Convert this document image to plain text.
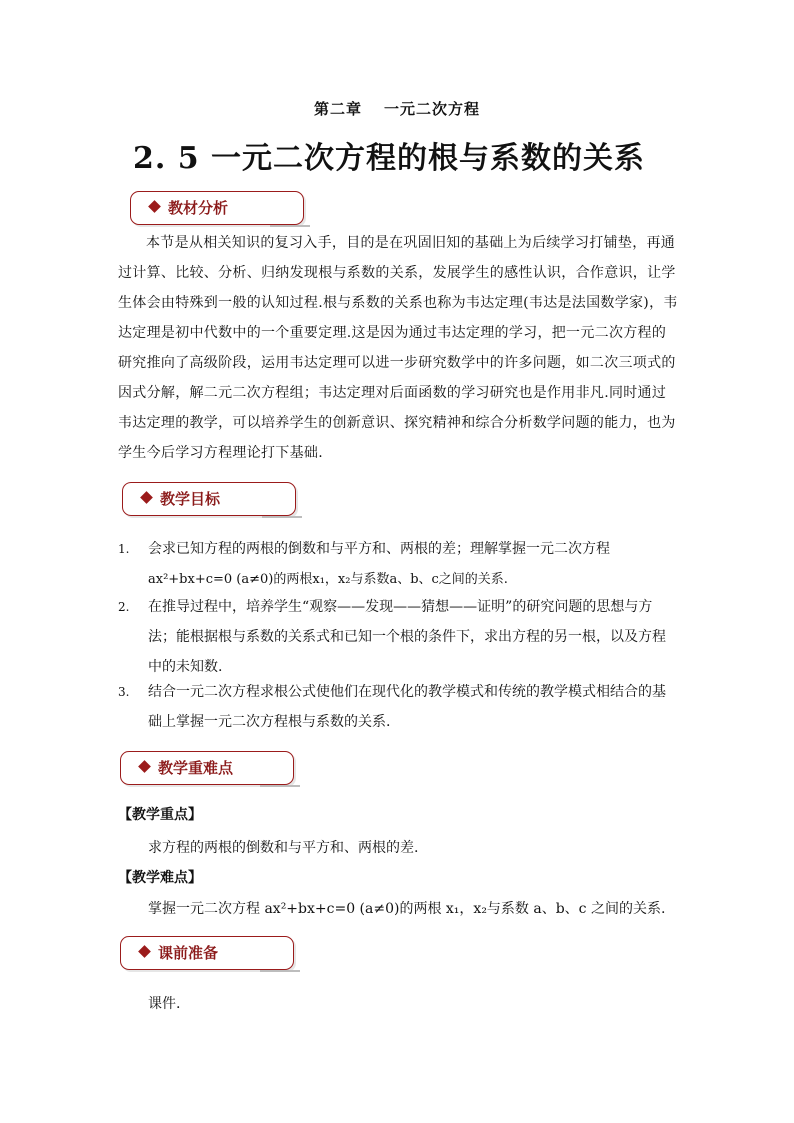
第二章 一元二次方程
2. 5 一元二次方程的根与系数的关系
教材分析
本节是从相关知识的复习入手，目的是在巩固旧知的基础上为后续学习打铺垫，再通过计算、比较、分析、归纳发现根与系数的关系，发展学生的感性认识，合作意识，让学生体会由特殊到一般的认知过程.根与系数的关系也称为韦达定理(韦达是法国数学家)，韦达定理是初中代数中的一个重要定理.这是因为通过韦达定理的学习，把一元二次方程的研究推向了高级阶段，运用韦达定理可以进一步研究数学中的许多问题，如二次三项式的因式分解，解二元二次方程组；韦达定理对后面函数的学习研究也是作用非凡.同时通过韦达定理的教学，可以培养学生的创新意识、探究精神和综合分析数学问题的能力，也为学生今后学习方程理论打下基础.
教学目标
1. 会求已知方程的两根的倒数和与平方和、两根的差；理解掌握一元二次方程
ax²+bx+c=0 (a≠0)的两根x₁，x₂与系数a、b、c之间的关系.
2. 在推导过程中，培养学生“观察——发现——猜想——证明”的研究问题的思想与方法；能根据根与系数的关系式和已知一个根的条件下，求出方程的另一根，以及方程中的未知数.
3. 结合一元二次方程求根公式使他们在现代化的教学模式和传统的教学模式相结合的基础上掌握一元二次方程根与系数的关系.
教学重难点
【教学重点】
求方程的两根的倒数和与平方和、两根的差.
【教学难点】
掌握一元二次方程 ax²+bx+c=0 (a≠0)的两根 x₁，x₂与系数 a、b、c 之间的关系.
课前准备
课件.
